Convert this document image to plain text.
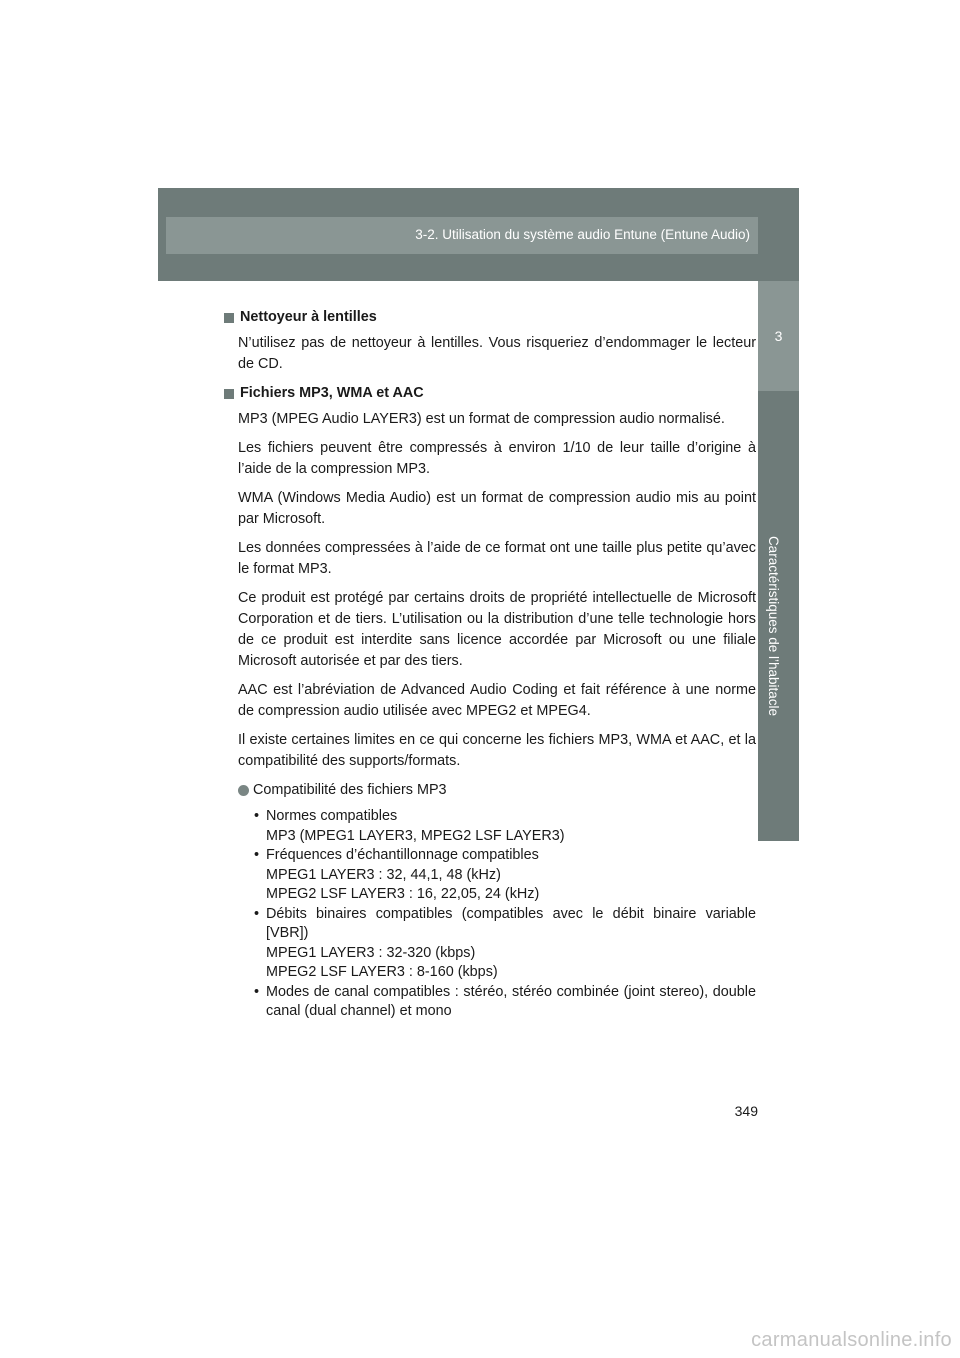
3-2. Utilisation du système audio Entune (Entune Audio)
3
Caractéristiques de l’habitacle
Nettoyeur à lentilles

N’utilisez pas de nettoyeur à lentilles. Vous risqueriez d’endommager le lecteur de CD.

Fichiers MP3, WMA et AAC

MP3 (MPEG Audio LAYER3) est un format de compression audio normalisé.

Les fichiers peuvent être compressés à environ 1/10 de leur taille d’origine à l’aide de la compression MP3.

WMA (Windows Media Audio) est un format de compression audio mis au point par Microsoft.

Les données compressées à l’aide de ce format ont une taille plus petite qu’avec le format MP3.

Ce produit est protégé par certains droits de propriété intellectuelle de Microsoft Corporation et de tiers. L’utilisation ou la distribution d’une telle technologie hors de ce produit est interdite sans licence accordée par Microsoft ou une filiale Microsoft autorisée et par des tiers.

AAC est l’abréviation de Advanced Audio Coding et fait référence à une norme de compression audio utilisée avec MPEG2 et MPEG4.

Il existe certaines limites en ce qui concerne les fichiers MP3, WMA et AAC, et la compatibilité des supports/formats.

Compatibilité des fichiers MP3
• Normes compatibles
MP3 (MPEG1 LAYER3, MPEG2 LSF LAYER3)
• Fréquences d’échantillonnage compatibles
MPEG1 LAYER3 : 32, 44,1, 48 (kHz)
MPEG2 LSF LAYER3 : 16, 22,05, 24 (kHz)
• Débits binaires compatibles (compatibles avec le débit binaire variable [VBR])
MPEG1 LAYER3 : 32-320 (kbps)
MPEG2 LSF LAYER3 : 8-160 (kbps)
• Modes de canal compatibles : stéréo, stéréo combinée (joint stereo), double canal (dual channel) et mono
349
carmanualsonline.info
